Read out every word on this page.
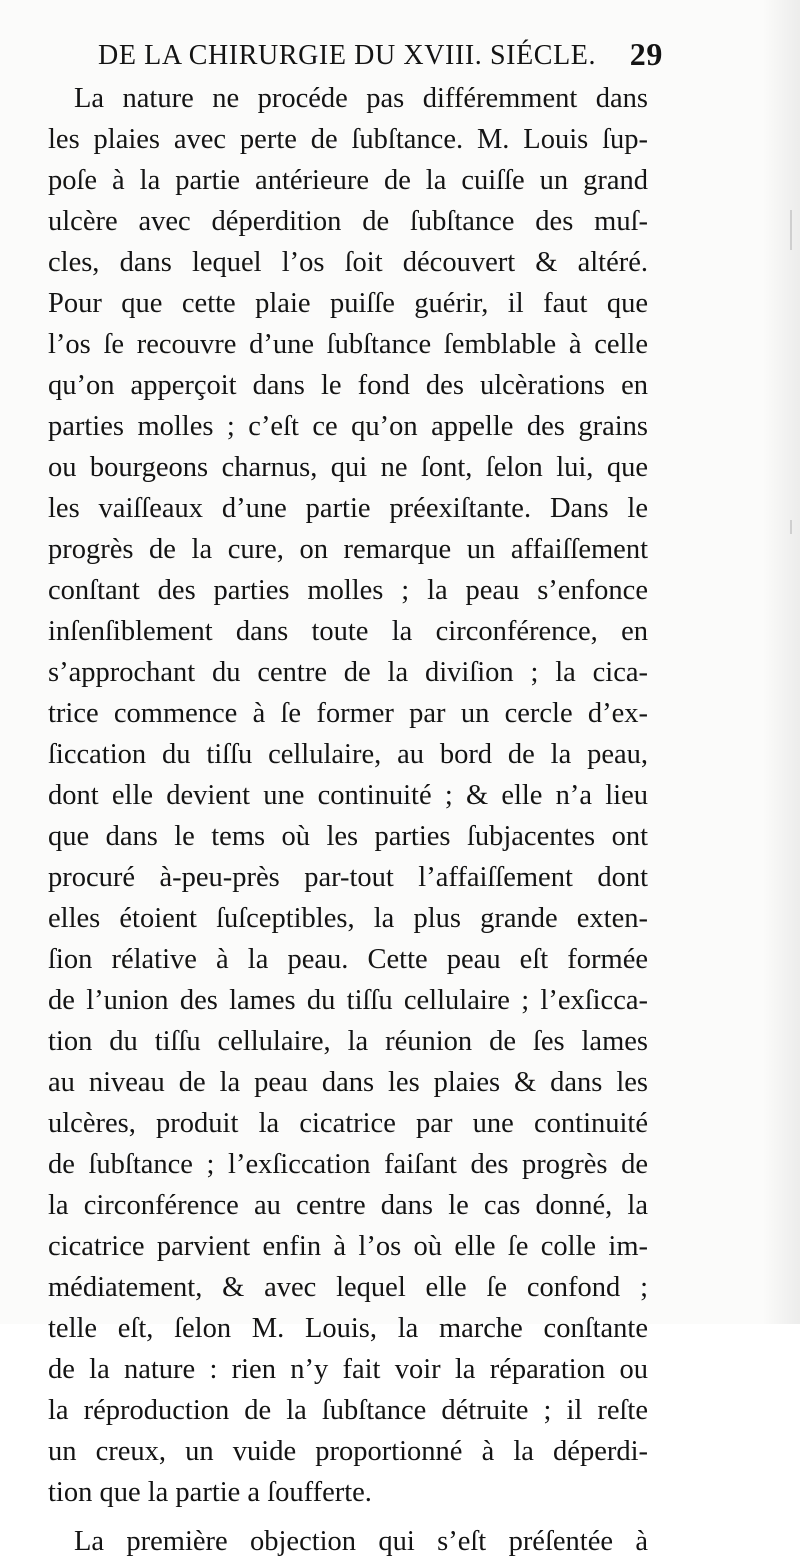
DE LA CHIRURGIE DU XVIII. SIÉCLE. 29
La nature ne procéde pas différemment dans
les plaies avec perte de ſubſtance. M. Louis ſup-
poſe à la partie antérieure de la cuiſſe un grand
ulcère avec déperdition de ſubſtance des muſ-
cles, dans lequel l’os ſoit découvert & altéré.
Pour que cette plaie puiſſe guérir, il faut que
l’os ſe recouvre d’une ſubſtance ſemblable à celle
qu’on apperçoit dans le fond des ulcèrations en
parties molles ; c’eſt ce qu’on appelle des grains
ou bourgeons charnus, qui ne ſont, ſelon lui, que
les vaiſſeaux d’une partie préexiſtante. Dans le
progrès de la cure, on remarque un affaiſſement
conſtant des parties molles ; la peau s’enfonce
inſenſiblement dans toute la circonférence, en
s’approchant du centre de la diviſion ; la cica-
trice commence à ſe former par un cercle d’ex-
ſiccation du tiſſu cellulaire, au bord de la peau,
dont elle devient une continuité ; & elle n’a lieu
que dans le tems où les parties ſubjacentes ont
procuré à-peu-près par-tout l’affaiſſement dont
elles étoient ſuſceptibles, la plus grande exten-
ſion rélative à la peau. Cette peau eſt formée
de l’union des lames du tiſſu cellulaire ; l’exſicca-
tion du tiſſu cellulaire, la réunion de ſes lames
au niveau de la peau dans les plaies & dans les
ulcères, produit la cicatrice par une continuité
de ſubſtance ; l’exſiccation faiſant des progrès de
la circonférence au centre dans le cas donné, la
cicatrice parvient enfin à l’os où elle ſe colle im-
médiatement, & avec lequel elle ſe confond ;
telle eſt, ſelon M. Louis, la marche conſtante
de la nature : rien n’y fait voir la réparation ou
la réproduction de la ſubſtance détruite ; il reſte
un creux, un vuide proportionné à la déperdi-
tion que la partie a ſoufferte.
La première objection qui s’eſt préſentée à
